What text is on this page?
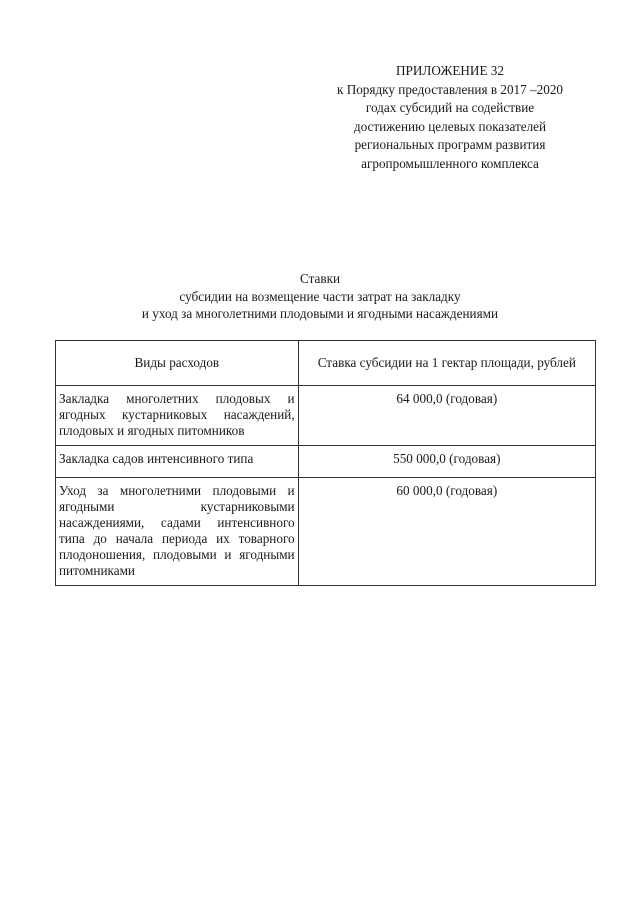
ПРИЛОЖЕНИЕ 32
к Порядку предоставления в 2017 –2020
годах субсидий на содействие
достижению целевых показателей
региональных программ развития
агропромышленного комплекса
Ставки
субсидии на возмещение части затрат на закладку
и уход за многолетними плодовыми и ягодными насаждениями
Виды расходов	Ставка субсидии на 1 гектар площади, рублей
Закладка многолетних плодовых и ягодных кустарниковых насаждений, плодовых и ягодных питомников	64 000,0 (годовая)
Закладка садов интенсивного типа	550 000,0 (годовая)
Уход за многолетними плодовыми и ягодными кустарниковыми насаждениями, садами интенсивного типа до начала периода их товарного плодоношения, плодовыми и ягодными питомниками	60 000,0 (годовая)
